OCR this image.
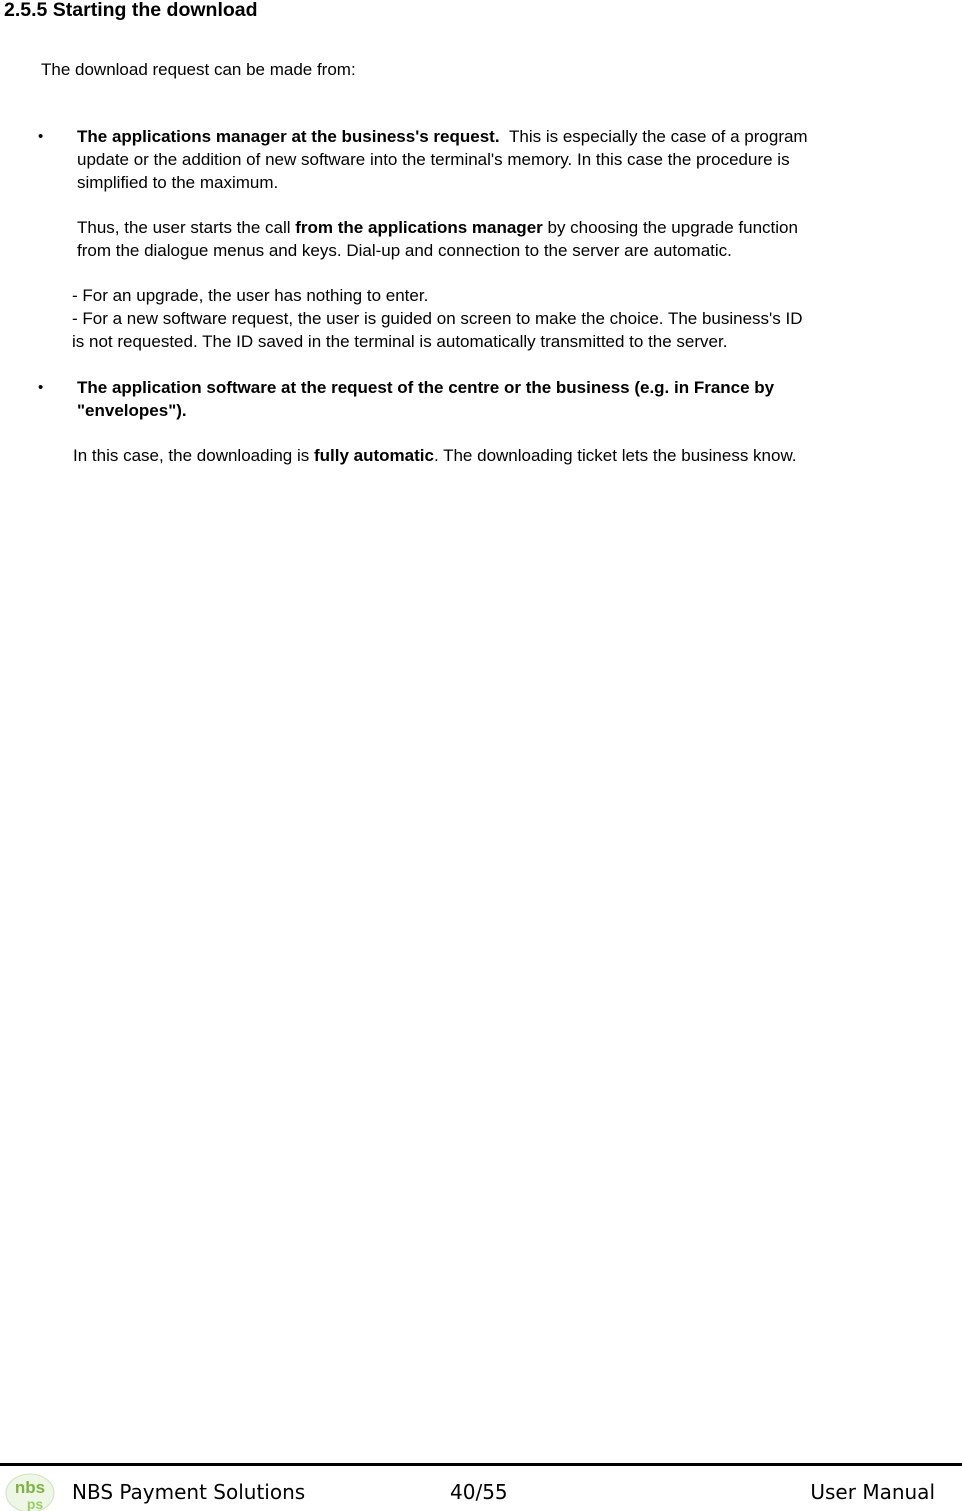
2.5.5 Starting the download
The download request can be made from:
• The applications manager at the business's request. This is especially the case of a program
update or the addition of new software into the terminal's memory. In this case the procedure is
simplified to the maximum.
Thus, the user starts the call from the applications manager by choosing the upgrade function
from the dialogue menus and keys. Dial-up and connection to the server are automatic.
- For an upgrade, the user has nothing to enter.
- For a new software request, the user is guided on screen to make the choice. The business's ID
is not requested. The ID saved in the terminal is automatically transmitted to the server.
• The application software at the request of the centre or the business (e.g. in France by
"envelopes").
In this case, the downloading is fully automatic. The downloading ticket lets the business know.
nbs
ps NBS Payment Solutions	40/55	User Manual
